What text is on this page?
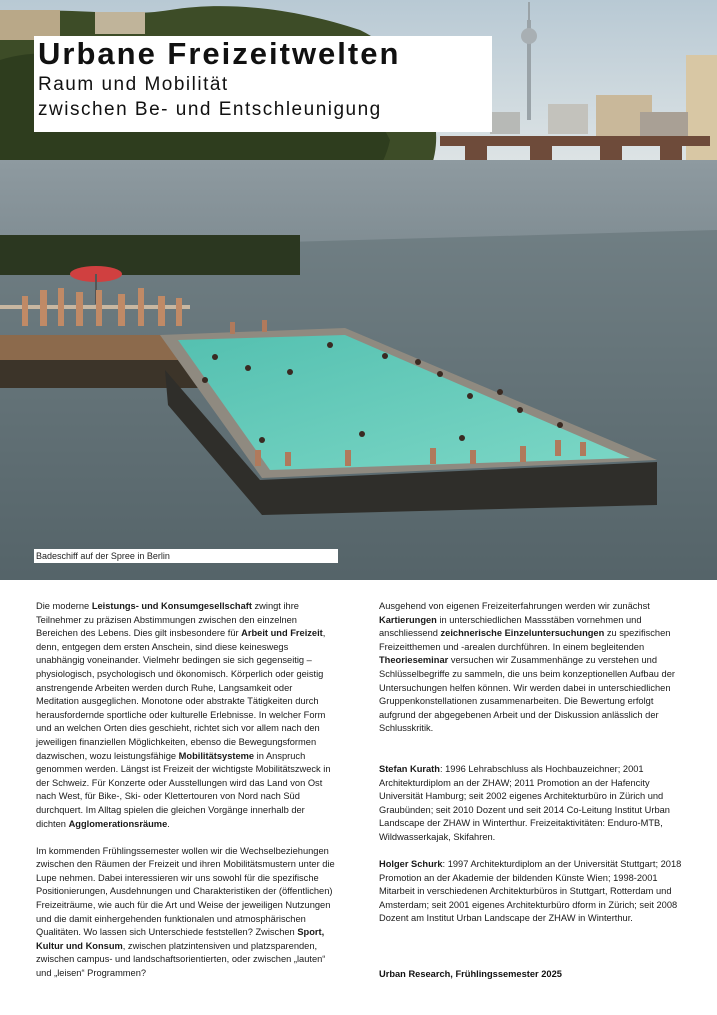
Urbane Freizeitwelten
Raum und Mobilität
zwischen Be- und Entschleunigung
Badeschiff auf der Spree in Berlin

Die moderne Leistungs- und Konsumgesellschaft zwingt ihre Teilnehmer zu präzisen Abstimmungen zwischen den einzelnen Bereichen des Lebens. Dies gilt insbesondere für Arbeit und Freizeit, denn, entgegen dem ersten Anschein, sind diese keineswegs unabhängig voneinander. Vielmehr bedingen sie sich gegenseitig – physiologisch, psychologisch und ökonomisch. Körperlich oder geistig anstrengende Arbeiten werden durch Ruhe, Langsamkeit oder Meditation ausgeglichen. Monotone oder abstrakte Tätigkeiten durch herausfordernde sportliche oder kulturelle Erlebnisse. In welcher Form und an welchen Orten dies geschieht, richtet sich vor allem nach den jeweiligen finanziellen Möglichkeiten, ebenso die Bewegungsformen dazwischen, wozu leistungsfähige Mobilitätsysteme in Anspruch genommen werden. Längst ist Freizeit der wichtigste Mobilitätszweck in der Schweiz. Für Konzerte oder Ausstellungen wird das Land von Ost nach West, für Bike-, Ski- oder Klettertouren von Nord nach Süd durchquert. Im Alltag spielen die gleichen Vorgänge innerhalb der dichten Agglomerationsräume.

Im kommenden Frühlingssemester wollen wir die Wechselbeziehungen zwischen den Räumen der Freizeit und ihren Mobilitätsmustern unter die Lupe nehmen. Dabei interessieren wir uns sowohl für die spezifische Positionierungen, Ausdehnungen und Charakteristiken der (öffentlichen) Freizeiträume, wie auch für die Art und Weise der jeweiligen Nutzungen und die damit einhergehenden funktionalen und atmosphärischen Qualitäten. Wo lassen sich Unterschiede feststellen? Zwischen Sport, Kultur und Konsum, zwischen platzintensiven und platzsparenden, zwischen campus- und landschaftsorientierten, oder zwischen „lauten“ und „leisen“ Programmen?

Ausgehend von eigenen Freizeiterfahrungen werden wir zunächst Kartierungen in unterschiedlichen Massstäben vornehmen und anschliessend zeichnerische Einzeluntersuchungen zu spezifischen Freizeitthemen und -arealen durchführen. In einem begleitenden Theorieseminar versuchen wir Zusammenhänge zu verstehen und Schlüsselbegriffe zu sammeln, die uns beim konzeptionellen Aufbau der Untersuchungen helfen können. Wir werden dabei in unterschiedlichen Gruppenkonstellationen zusammenarbeiten. Die Bewertung erfolgt aufgrund der abgegebenen Arbeit und der Diskussion anlässlich der Schlusskritik.

Stefan Kurath: 1996 Lehrabschluss als Hochbauzeichner; 2001 Architekturdiplom an der ZHAW; 2011 Promotion an der Hafencity Universität Hamburg; seit 2002 eigenes Architekturbüro in Zürich und Graubünden; seit 2010 Dozent und seit 2014 Co-Leitung Institut Urban Landscape der ZHAW in Winterthur. Freizeitaktivitäten: Enduro-MTB, Wildwasserkajak, Skifahren.

Holger Schurk: 1997 Architekturdiplom an der Universität Stuttgart; 2018 Promotion an der Akademie der bildenden Künste Wien; 1998-2001 Mitarbeit in verschiedenen Architekturbüros in Stuttgart, Rotterdam und Amsterdam; seit 2001 eigenes Architekturbüro dform in Zürich; seit 2008 Dozent am Institut Urban Landscape der ZHAW in Winterthur.

Urban Research, Frühlingssemester 2025
